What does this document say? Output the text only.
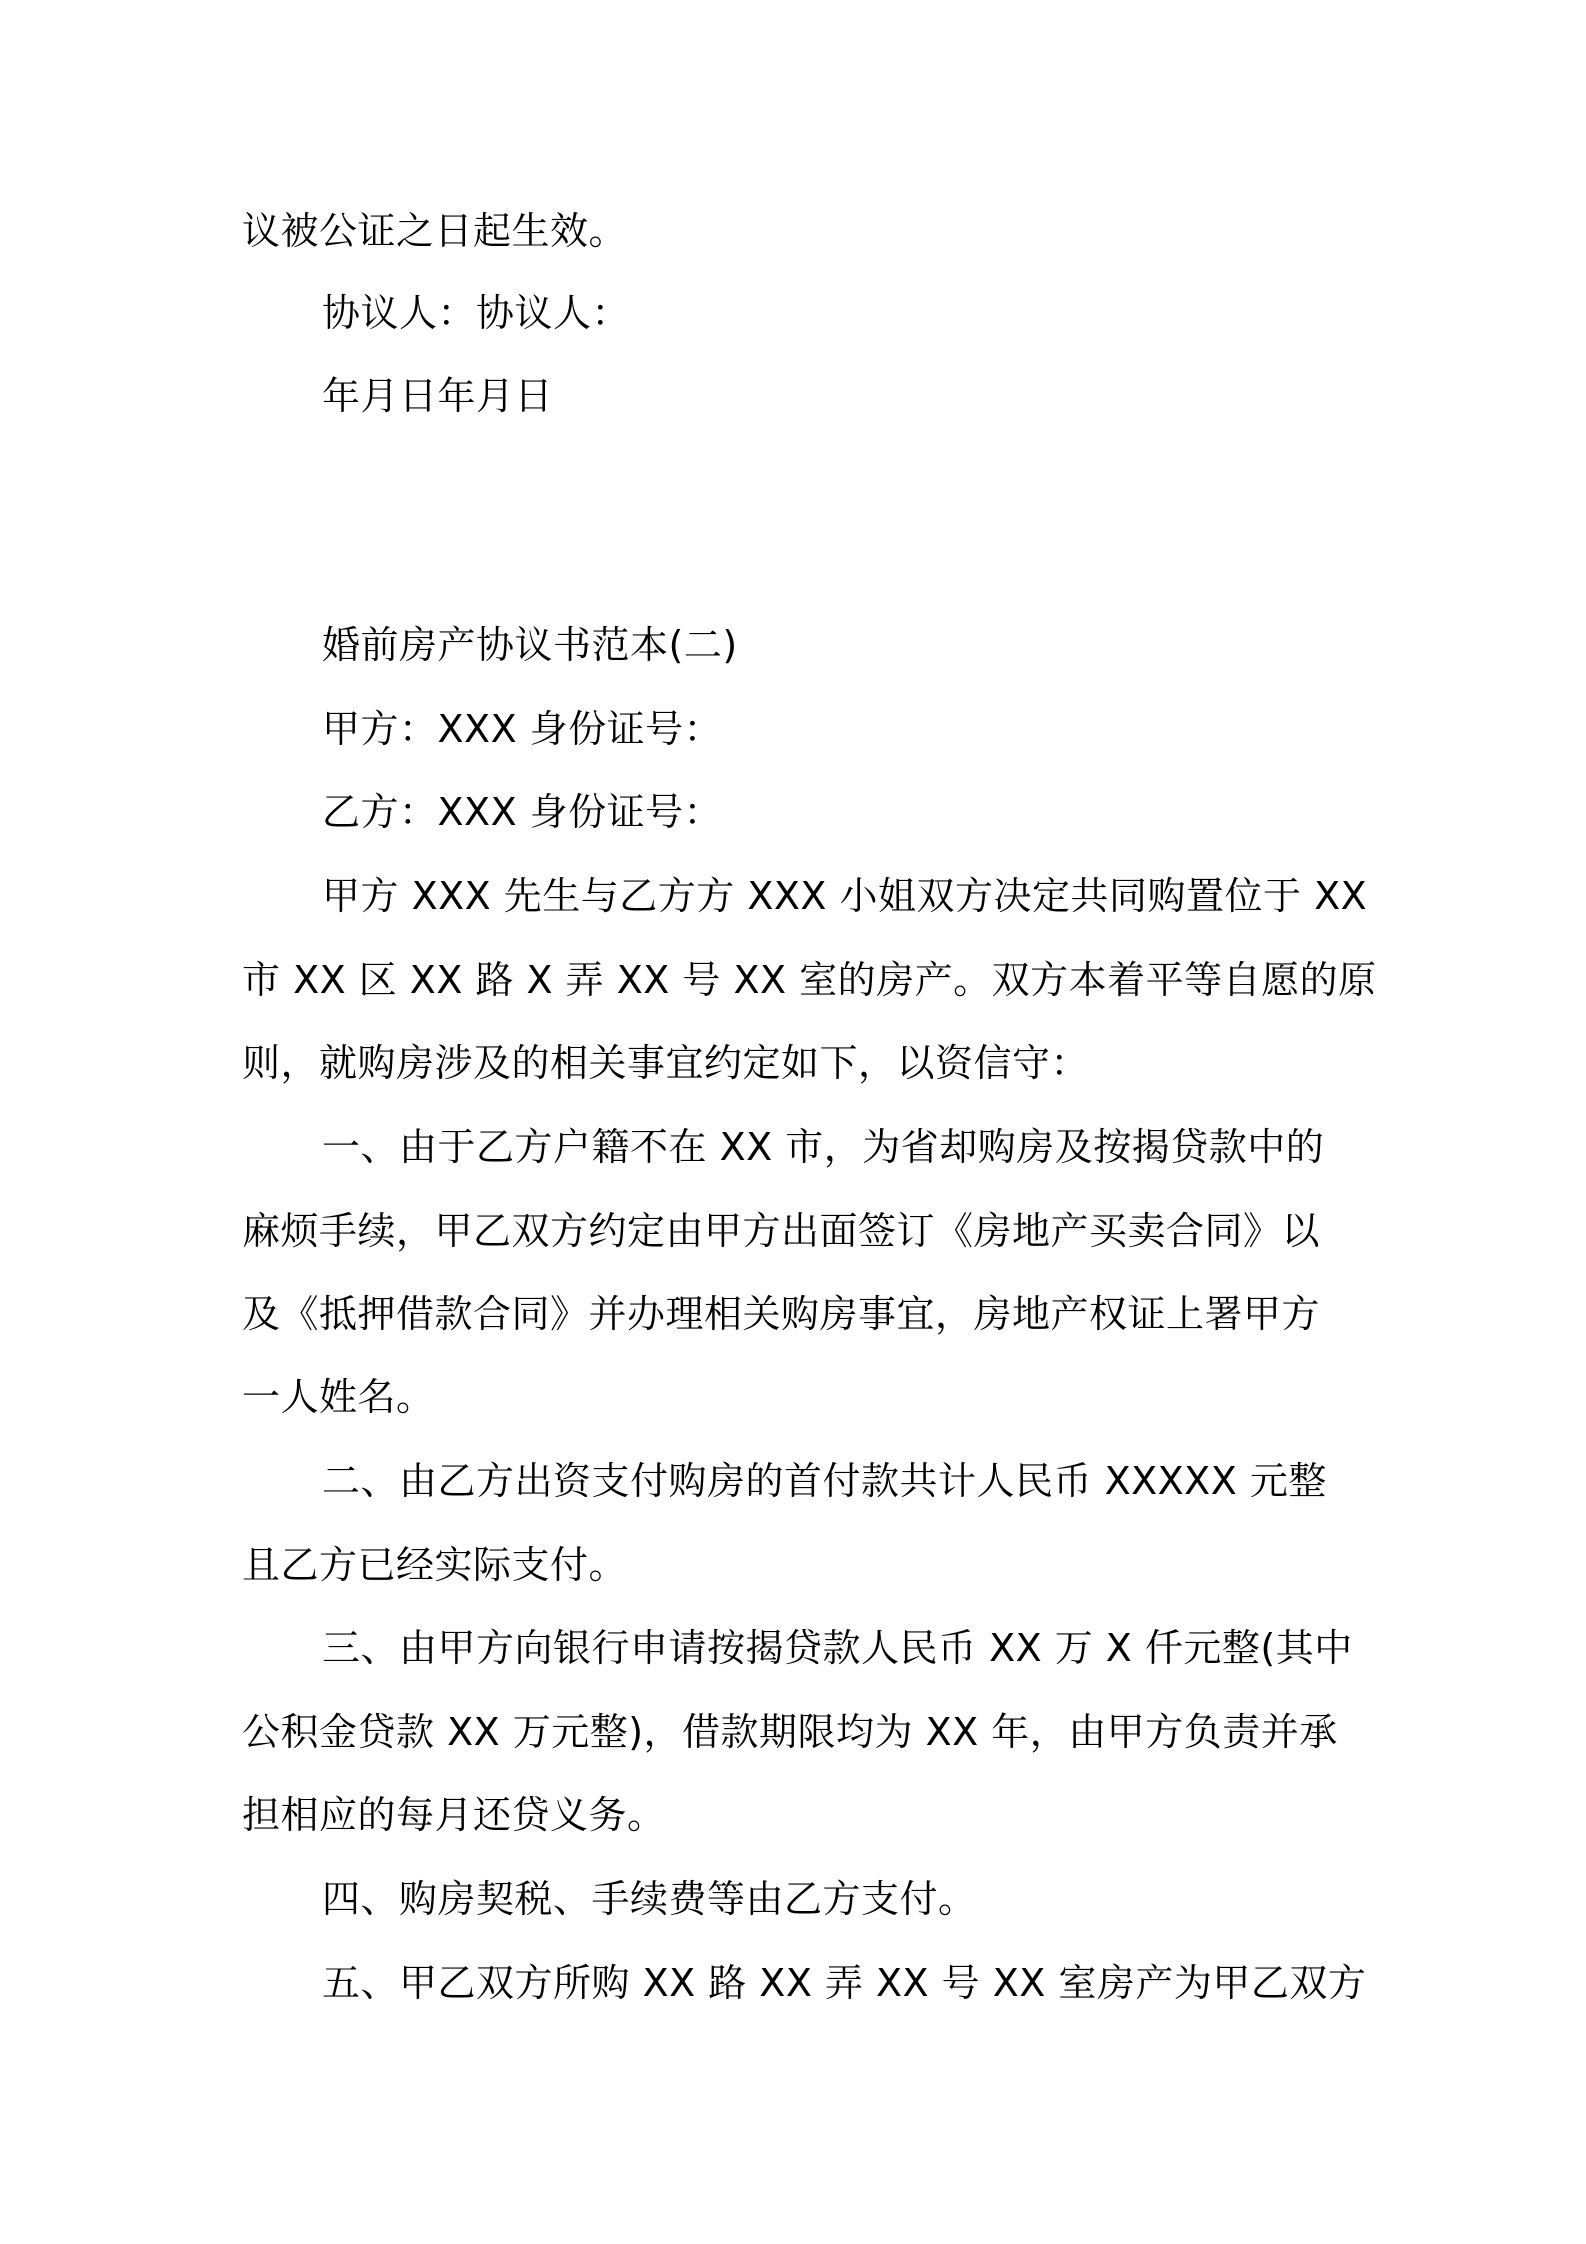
议被公证之日起生效。
协议人：协议人：
年月日年月日
婚前房产协议书范本(二)
甲方：XXX 身份证号：
乙方：XXX 身份证号：
甲方 XXX 先生与乙方方 XXX 小姐双方决定共同购置位于 XX
市 XX 区 XX 路 X 弄 XX 号 XX 室的房产。双方本着平等自愿的原
则，就购房涉及的相关事宜约定如下，以资信守：
一、由于乙方户籍不在 XX 市，为省却购房及按揭贷款中的
麻烦手续，甲乙双方约定由甲方出面签订《房地产买卖合同》以
及《抵押借款合同》并办理相关购房事宜，房地产权证上署甲方
一人姓名。
二、由乙方出资支付购房的首付款共计人民币 XXXXX 元整
且乙方已经实际支付。
三、由甲方向银行申请按揭贷款人民币 XX 万 X 仟元整(其中
公积金贷款 XX 万元整)，借款期限均为 XX 年，由甲方负责并承
担相应的每月还贷义务。
四、购房契税、手续费等由乙方支付。
五、甲乙双方所购 XX 路 XX 弄 XX 号 XX 室房产为甲乙双方
